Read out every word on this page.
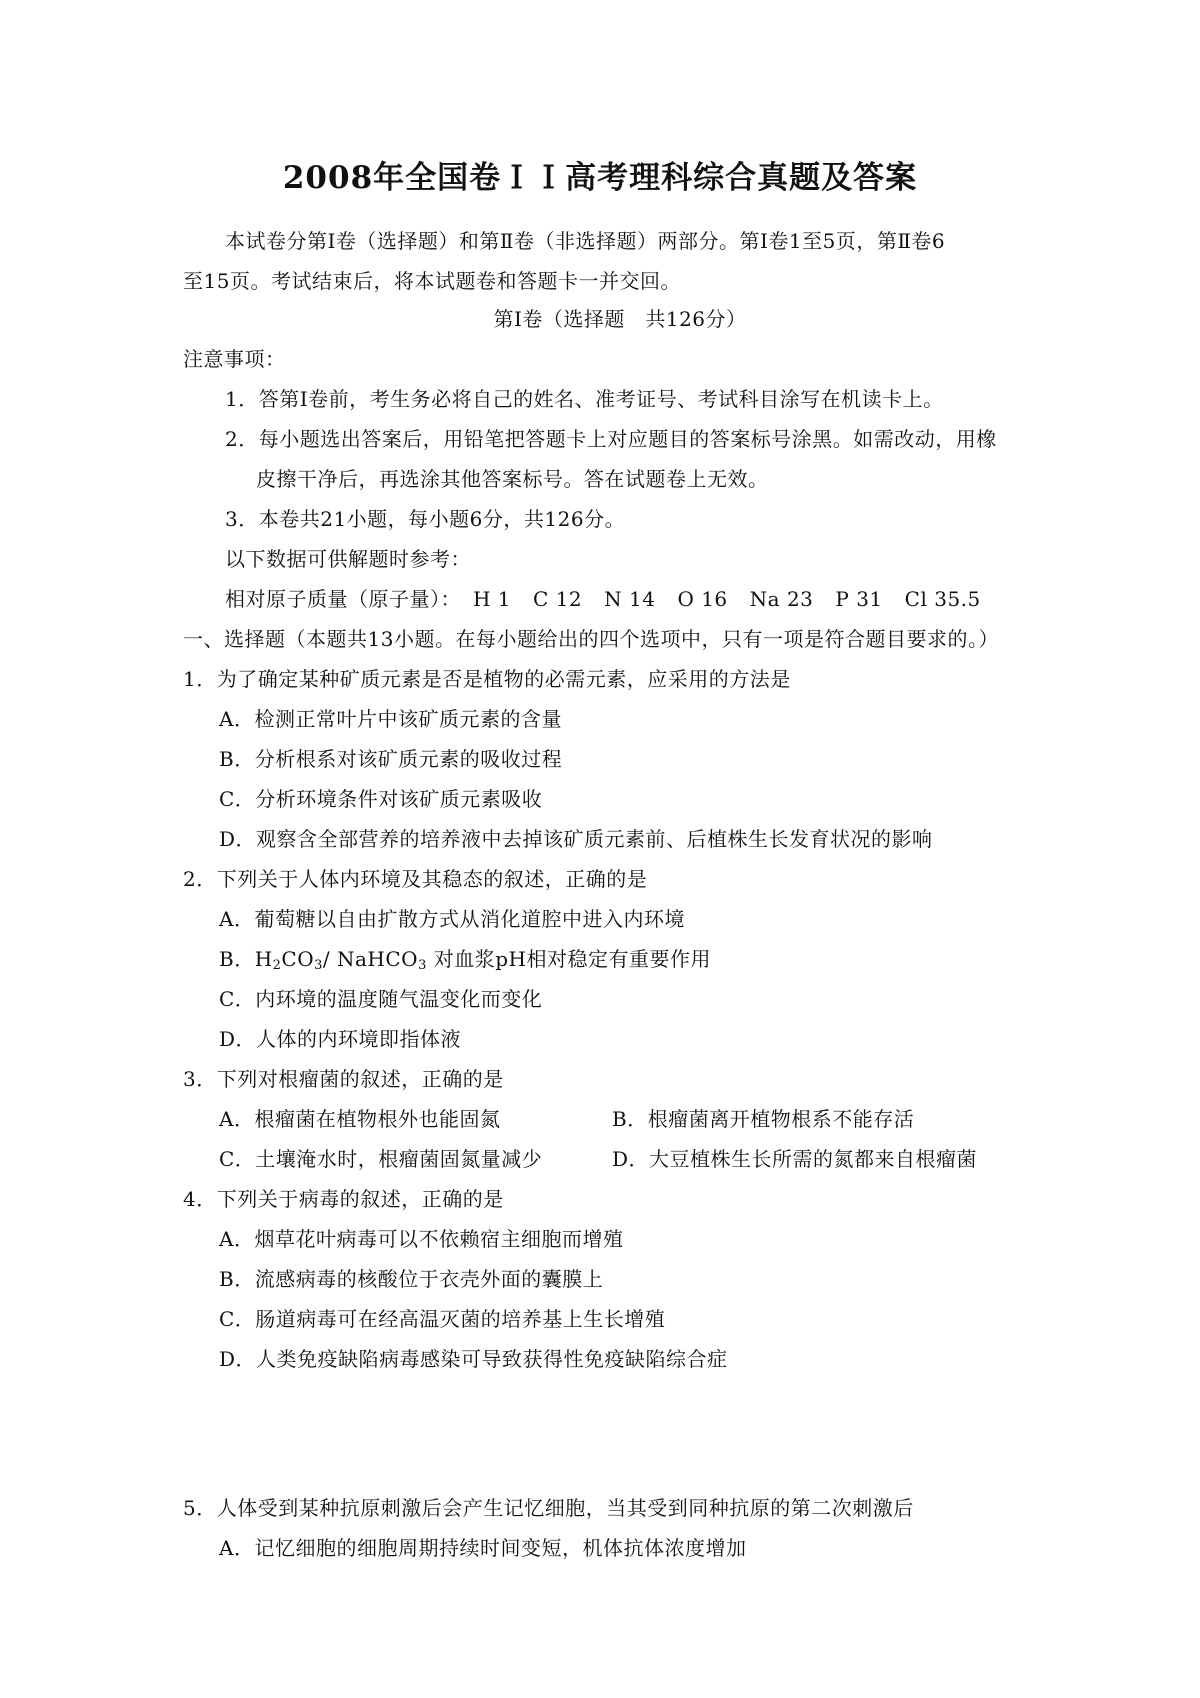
2008年全国卷ＩＩ高考理科综合真题及答案
本试卷分第Ⅰ卷（选择题）和第Ⅱ卷（非选择题）两部分。第Ⅰ卷1至5页，第Ⅱ卷6
至15页。考试结束后，将本试题卷和答题卡一并交回。
第Ⅰ卷（选择题　共126分）
注意事项：
1．答第Ⅰ卷前，考生务必将自己的姓名、准考证号、考试科目涂写在机读卡上。
2．每小题选出答案后，用铅笔把答题卡上对应题目的答案标号涂黑。如需改动，用橡
皮擦干净后，再选涂其他答案标号。答在试题卷上无效。
3．本卷共21小题，每小题6分，共126分。
以下数据可供解题时参考：
相对原子质量（原子量）： H 1 C 12 N 14 O 16 Na 23 P 31 Cl 35.5
一、选择题（本题共13小题。在每小题给出的四个选项中，只有一项是符合题目要求的。）
1．为了确定某种矿质元素是否是植物的必需元素，应采用的方法是
A．检测正常叶片中该矿质元素的含量
B．分析根系对该矿质元素的吸收过程
C．分析环境条件对该矿质元素吸收
D．观察含全部营养的培养液中去掉该矿质元素前、后植株生长发育状况的影响
2．下列关于人体内环境及其稳态的叙述，正确的是
A．葡萄糖以自由扩散方式从消化道腔中进入内环境
B．$H_2CO_3/$ NaHCO$_3$ 对血浆pH相对稳定有重要作用
C．内环境的温度随气温变化而变化
D．人体的内环境即指体液
3．下列对根瘤菌的叙述，正确的是
A．根瘤菌在植物根外也能固氮	B．根瘤菌离开植物根系不能存活
C．土壤淹水时，根瘤菌固氮量减少	D．大豆植株生长所需的氮都来自根瘤菌
4．下列关于病毒的叙述，正确的是
A．烟草花叶病毒可以不依赖宿主细胞而增殖
B．流感病毒的核酸位于衣壳外面的囊膜上
C．肠道病毒可在经高温灭菌的培养基上生长增殖
D．人类免疫缺陷病毒感染可导致获得性免疫缺陷综合症
5．人体受到某种抗原刺激后会产生记忆细胞，当其受到同种抗原的第二次刺激后
A．记忆细胞的细胞周期持续时间变短，机体抗体浓度增加
